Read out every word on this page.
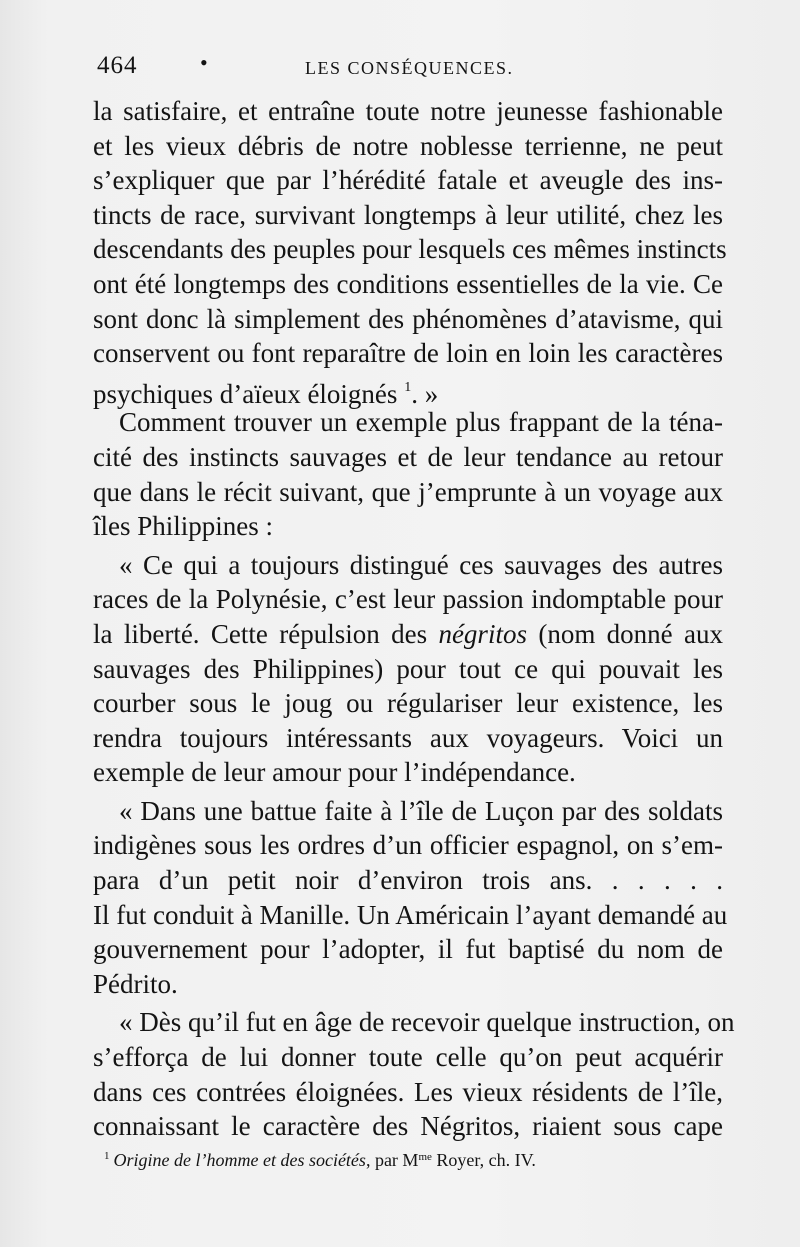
464	•	LES CONSÉQUENCES.
la satisfaire, et entraîne toute notre jeunesse fashionable
et les vieux débris de notre noblesse terrienne, ne peut
s’expliquer que par l’hérédité fatale et aveugle des ins-
tincts de race, survivant longtemps à leur utilité, chez les
descendants des peuples pour lesquels ces mêmes instincts
ont été longtemps des conditions essentielles de la vie. Ce
sont donc là simplement des phénomènes d’atavisme, qui
conservent ou font reparaître de loin en loin les caractères
psychiques d’aïeux éloignés $^1$. »
Comment trouver un exemple plus frappant de la téna-
cité des instincts sauvages et de leur tendance au retour
que dans le récit suivant, que j’emprunte à un voyage aux
îles Philippines :
« Ce qui a toujours distingué ces sauvages des autres
races de la Polynésie, c’est leur passion indomptable pour
la liberté. Cette répulsion des négritos (nom donné aux
sauvages des Philippines) pour tout ce qui pouvait les
courber sous le joug ou régulariser leur existence, les
rendra toujours intéressants aux voyageurs. Voici un
exemple de leur amour pour l’indépendance.
« Dans une battue faite à l’île de Luçon par des soldats
indigènes sous les ordres d’un officier espagnol, on s’em-
para d’un petit noir d’environ trois ans. . . . . .
Il fut conduit à Manille. Un Américain l’ayant demandé au
gouvernement pour l’adopter, il fut baptisé du nom de
Pédrito.
« Dès qu’il fut en âge de recevoir quelque instruction, on
s’efforça de lui donner toute celle qu’on peut acquérir
dans ces contrées éloignées. Les vieux résidents de l’île,
connaissant le caractère des Négritos, riaient sous cape
$^1$ Origine de l’homme et des sociétés, par $M^{me}$ Royer, ch. IV.
